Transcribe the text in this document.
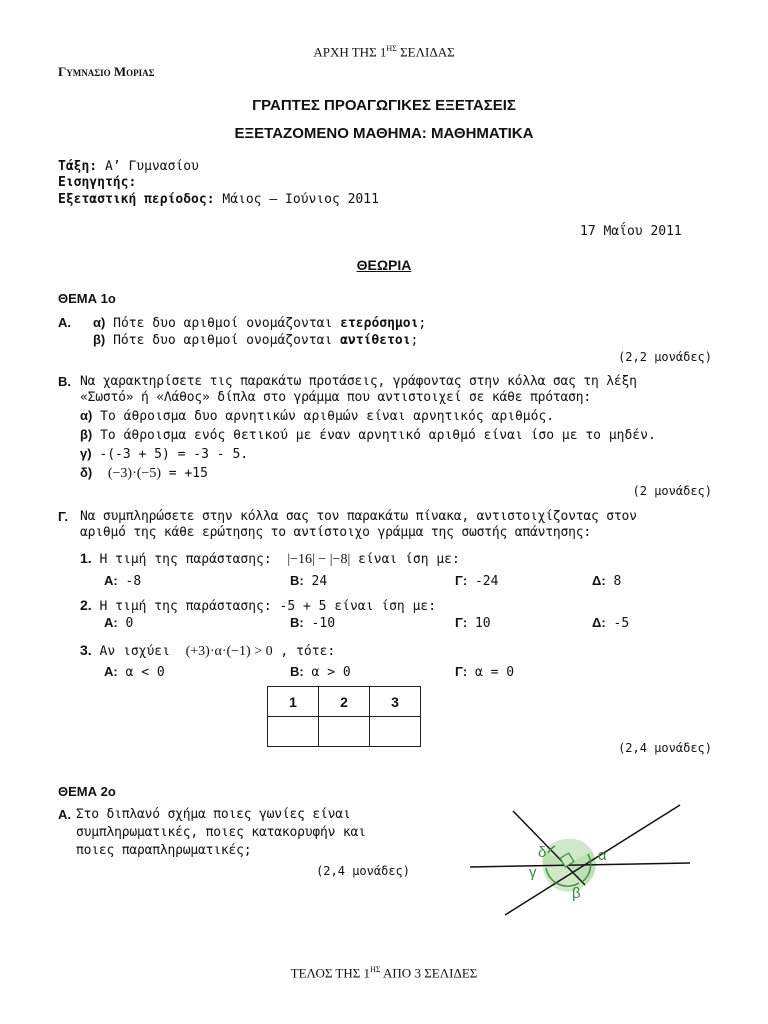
ΑΡΧΗ ΤΗΣ $1^{H\Sigma}$ ΣΕΛΙΔΑΣ
Γυμνασιο Μοριας
ΓΡΑΠΤΕΣ ΠΡΟΑΓΩΓΙΚΕΣ ΕΞΕΤΑΣΕΙΣ
ΕΞΕΤΑΖΟΜΕΝΟ ΜΑΘΗΜΑ: ΜΑΘΗΜΑΤΙΚΑ
Τάξη: Α’ Γυμνασίου
Εισηγητής:
Εξεταστική περίοδος: Μάιος – Ιούνιος 2011
17 Μαΐου 2011
ΘΕΩΡΙΑ
ΘΕΜΑ 1ο
Α. α) Πότε δυο αριθμοί ονομάζονται ετερόσημοι;
β) Πότε δυο αριθμοί ονομάζονται αντίθετοι;
(2,2 μονάδες)
Β. Να χαρακτηρίσετε τις παρακάτω προτάσεις, γράφοντας στην κόλλα σας τη λέξη
«Σωστό» ή «Λάθος» δίπλα στο γράμμα που αντιστοιχεί σε κάθε πρόταση:
α) Το άθροισμα δυο αρνητικών αριθμών είναι αρνητικός αριθμός.
β) Το άθροισμα ενός θετικού με έναν αρνητικό αριθμό είναι ίσο με το μηδέν.
γ) -(-3 + 5) = -3 - 5.
δ) (−3)·(−5) = +15
(2 μονάδες)
Γ. Να συμπληρώσετε στην κόλλα σας τον παρακάτω πίνακα, αντιστοιχίζοντας στον
αριθμό της κάθε ερώτησης το αντίστοιχο γράμμα της σωστής απάντησης:
1. Η τιμή της παράστασης:  |−16| − |−8| είναι ίση με:
Α: -8	Β: 24	Γ: -24	Δ: 8
2. Η τιμή της παράστασης: -5 + 5 είναι ίση με:
Α: 0	Β: -10	Γ: 10	Δ: -5
3. Αν ισχύει  (+3)·α·(−1) > 0 , τότε:
Α: α < 0	Β: α > 0	Γ: α = 0
1	2	3

(2,4 μονάδες)
ΘΕΜΑ 2ο
Α. Στο διπλανό σχήμα ποιες γωνίες είναι
συμπληρωματικές, ποιες κατακορυφήν και
ποιες παραπληρωματικές;
(2,4 μονάδες)
α
β
γ
δ
ΤΕΛΟΣ ΤΗΣ $1^{H\Sigma}$ ΑΠΟ 3 ΣΕΛΙΔΕΣ
